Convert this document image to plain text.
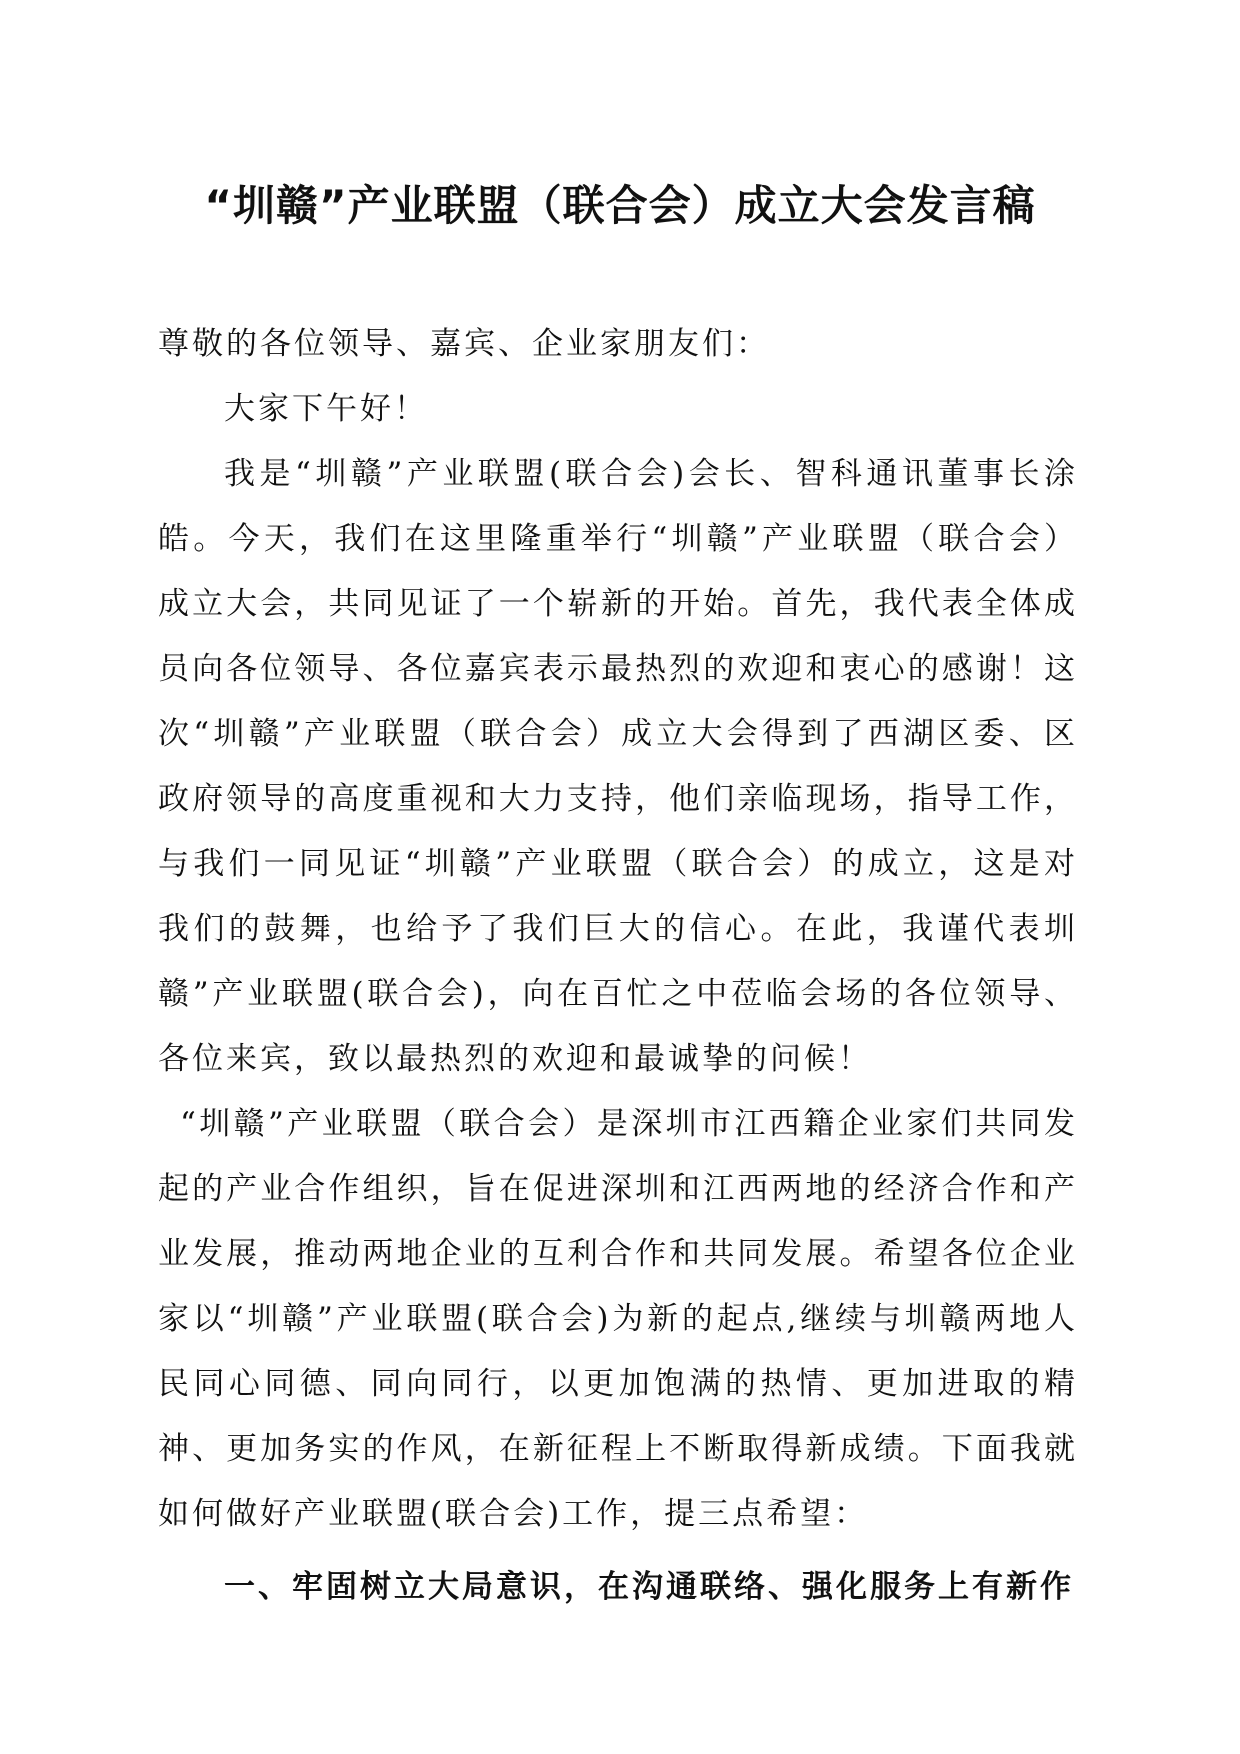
“圳赣”产业联盟（联合会）成立大会发言稿

尊敬的各位领导、嘉宾、企业家朋友们：

大家下午好！

我是“圳赣”产业联盟(联合会)会长、智科通讯董事长涂皓。今天，我们在这里隆重举行“圳赣”产业联盟（联合会）成立大会，共同见证了一个崭新的开始。首先，我代表全体成员向各位领导、各位嘉宾表示最热烈的欢迎和衷心的感谢！这次“圳赣”产业联盟（联合会）成立大会得到了西湖区委、区政府领导的高度重视和大力支持，他们亲临现场，指导工作，与我们一同见证“圳赣”产业联盟（联合会）的成立，这是对我们的鼓舞，也给予了我们巨大的信心。在此，我谨代表圳赣”产业联盟(联合会)，向在百忙之中莅临会场的各位领导、各位来宾，致以最热烈的欢迎和最诚挚的问候！

“圳赣”产业联盟（联合会）是深圳市江西籍企业家们共同发起的产业合作组织，旨在促进深圳和江西两地的经济合作和产业发展，推动两地企业的互利合作和共同发展。希望各位企业家以“圳赣”产业联盟(联合会)为新的起点,继续与圳赣两地人民同心同德、同向同行，以更加饱满的热情、更加进取的精神、更加务实的作风，在新征程上不断取得新成绩。下面我就如何做好产业联盟(联合会)工作，提三点希望：

一、牢固树立大局意识，在沟通联络、强化服务上有新作
